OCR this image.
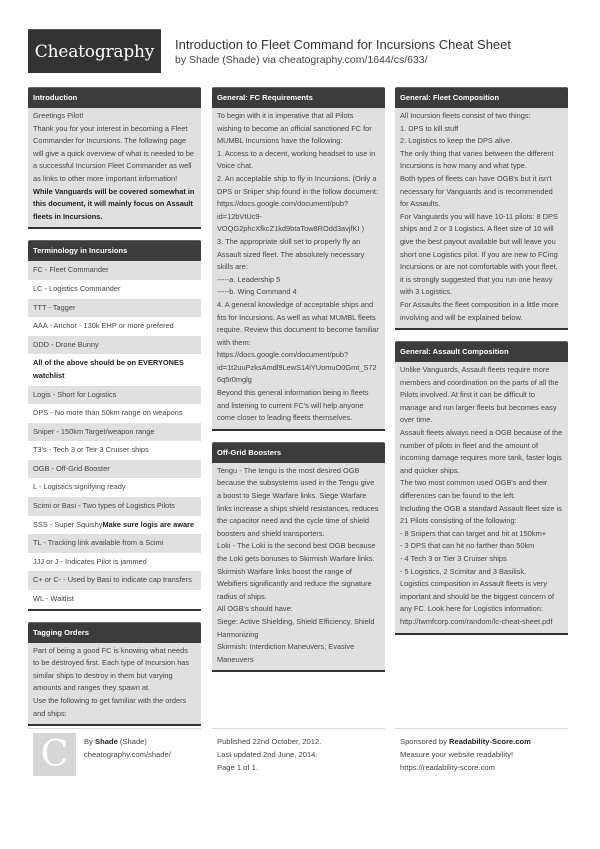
Cheatography	Introduction to Fleet Command for Incursions Cheat Sheet

by Shade (Shade) via cheatography.com/1644/cs/633/

Introduction

Greetings Pilot!

Thank you for your interest in becoming a Fleet Commander for Incursions. The following page will give a quick overview of what is needed to be a successful Incursion Fleet Commander as well as links to other more important information!

While Vanguards will be covered somewhat in this document, it will mainly focus on Assault fleets in Incursions.

Terminology in Incursions
FC - Fleet Commander
LC - Logistics Commander
TTT - Tagger
AAA - Anchor - 130k EHP or more prefered
DDD - Drone Bunny
All of the above should be on EVERYONES watchlist
Logis - Short for Logistics
DPS - No more than 50km range on weapons
Sniper - 150km Target/weapon range
T3's - Tech 3 or Teir 3 Cruiser ships
OGB - Off-Grid Booster
L - Logistics signifying ready
Scimi or Basi - Two types of Logistics Pilots
SSS - Super SquishyMake sure logis are aware
TL - Tracking link available from a Scimi
JJJ or J - Indicates Pilot is jammed
C+ or C- - Used by Basi to indicate cap transfers
WL - Waitlist
Tagging Orders

Part of being a good FC is knowing what needs to be destroyed first. Each type of Incursion has similar ships to destroy in them but varying amounts and ranges they spawn at.

Use the following to get familiar with the orders and ships:

General: FC Requirements

To begin with it is imperative that all Pilots wishing to become an official sanctioned FC for MUMBL Incursions have the following:

1. Access to a decent, working headset to use in Voice chat.

2. An acceptable ship to fly in Incursions. (Only a DPS or Sniper ship found in the follow document:

https://docs.google.com/document/pub?id=12bVtUc9-VOQG2phcXfkcZ1kd9btaTow8ROdd3avjfKI )

3. The appropriate skill set to properly fly an Assault sized fleet. The absolutely necessary skills are:

-----a. Leadership 5

-----b. Wing Command 4

4. A general knowledge of acceptable ships and fits for Incursions. As well as what MUMBL fleets require. Review this document to become familiar with them:

https://docs.google.com/document/pub?id=1t2uuPzksAmdl9LewS14iYUomuO0Gmt_S726q5r0mglg

Beyond this general information being in fleets and listening to current FC's will help anyone come closer to leading fleets themselves.

Off-Grid Boosters

Tengu - The tengu is the most desired OGB because the subsystems used in the Tengu give a boost to Siege Warfare links. Siege Warfare links increase a ships shield resistances, reduces the capacitor need and the cycle time of shield boosters and shield transporters.

Loki - The Loki is the second best OGB because the Loki gets bonuses to Skirmish Warfare links. Skirmish Warfare links boost the range of Webifiers significantly and reduce the signature radius of ships.

All OGB's should have:

Siege: Active Shielding, Shield Efficiency, Shield Harmonizing

Skirmish: Interdiction Maneuvers, Evasive Maneuvers

General: Fleet Composition

All Incursion fleets consist of two things:

1. DPS to kill stuff

2. Logistics to keep the DPS alive.

The only thing that varies between the different Incursions is how many and what type.

Both types of fleets can have OGB's but it isn't necessary for Vanguards and is recommended for Assaults.

For Vanguards you will have 10-11 pilots: 8 DPS ships and 2 or 3 Logistics. A fleet size of 10 will give the best payout available but will leave you short one Logistics pilot. If you are new to FCing Incursions or are not comfortable with your fleet, it is strongly suggested that you run one heavy with 3 Logistics.

For Assaults the fleet composition in a little more involving and will be explained below.

General: Assault Composition

Unlike Vanguards, Assault fleets require more members and coordination on the parts of all the Pilots involved. At first it can be difficult to manage and run larger fleets but becomes easy over time.

Assault fleets always need a OGB because of the number of pilots in fleet and the amount of incoming damage requires more tank, faster logis and quicker ships.

The two most common used OGB's and their differences can be found to the left.

Including the OGB a standard Assault fleet size is 21 Pilots consisting of the following:

- 8 Snipers that can target and hit at 150km+

- 3 DPS that can hit no farther than 50km

- 4 Tech 3 or Tier 3 Cruiser ships

- 5 Logistics, 2 Scimitar and 3 Basilisk.

Logistics composition in Assault fleets is very important and should be the biggest concern of any FC. Look here for Logistics information:

http://twmfcorp.com/random/lc-cheat-sheet.pdf

C	By Shade (Shade)
cheatography.com/shade/
Published 22nd October, 2012.
Last updated 2nd June, 2014.
Page 1 of 1.
Sponsored by Readability-Score.com
Measure your website readability!
https://readability-score.com
